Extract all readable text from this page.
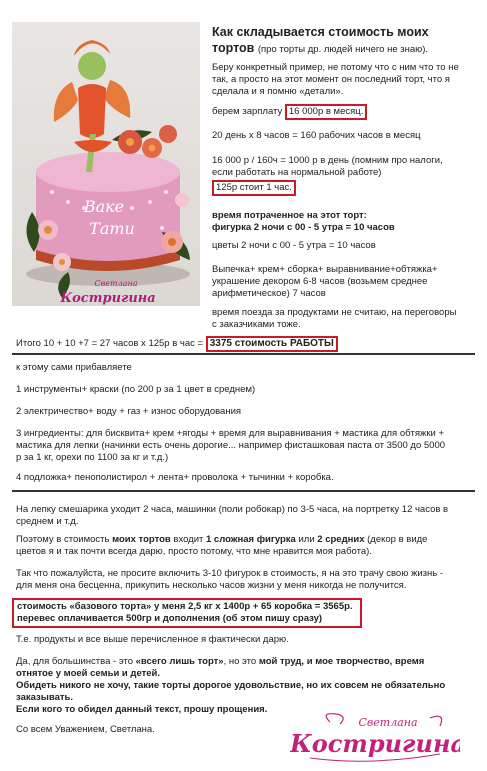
Ваке
Тати
Светлана
Костригина
Как складывается стоимость моих
тортов (про торты др. людей ничего не знаю).
Беру конкретный пример, не потому что с ним что то не
так, а просто на этот момент он последний торт, что я
сделала и я помню «детали».
берем зарплату 16 000р в месяц.
20 день х 8 часов = 160 рабочих часов в месяц
16 000 р / 160ч = 1000 р в день (помним про налоги,
если работать на нормальной работе)
125р стоит 1 час.
время потраченное на этот торт:
фигурка 2 ночи с 00 - 5 утра = 10 часов
цветы 2 ночи с 00 - 5 утра = 10 часов
Выпечка+ крем+ сборка+ выравнивание+обтяжка+
украшение декором 6-8 часов (возьмем среднее
арифметическое) 7 часов
время поезда за продуктами не считаю, на переговоры
с заказчиками тоже.
Итого 10 + 10 +7 = 27 часов х 125р в час = 3375 стоимость РАБОТЫ
к этому сами прибавляете
1 инструменты+ краски (по 200 р за 1 цвет в среднем)
2 электричество+ воду + газ + износ оборудования
3 ингредиенты: для бисквита+ крем +ягоды + время для выравнивания + мастика для обтяжки +
мастика для лепки (начинки есть очень дорогие... например фисташковая паста от 3500 до 5000
р за 1 кг, орехи по 1100 за кг и т.д.)
4 подложка+ пенополистирол + лента+ проволока + тычинки + коробка.
На лепку смешарика уходит 2 часа, машинки (поли робокар) по 3-5 часа, на портретку 12 часов в
среднем и т.д.
Поэтому в стоимость моих тортов входит 1 сложная фигурка или 2 средних (декор в виде
цветов я и так почти всегда дарю, просто потому, что мне нравится моя работа).
Так что пожалуйста, не просите включить 3-10 фигурок в стоимость, я на это трачу свою жизнь -
для меня она бесценна, прикупить несколько часов жизни у меня никогда не получится.
стоимость «базового торта» у меня 2,5 кг х 1400р + 65 коробка = 3565р.
перевес оплачивается 500гр и дополнения (об этом пишу сразу)
Т.е. продукты и все выше перечисленное я фактически дарю.
Да, для большинства - это «всего лишь торт», но это мой труд, и мое творчество, время
отнятое у моей семьи и детей.
Обидеть никого не хочу, такие торты дорогое удовольствие, но их совсем не обязательно
заказывать.
Если кого то обидел данный текст, прошу прощения.
Со всем Уважением, Светлана.
Светлана
Костригина
